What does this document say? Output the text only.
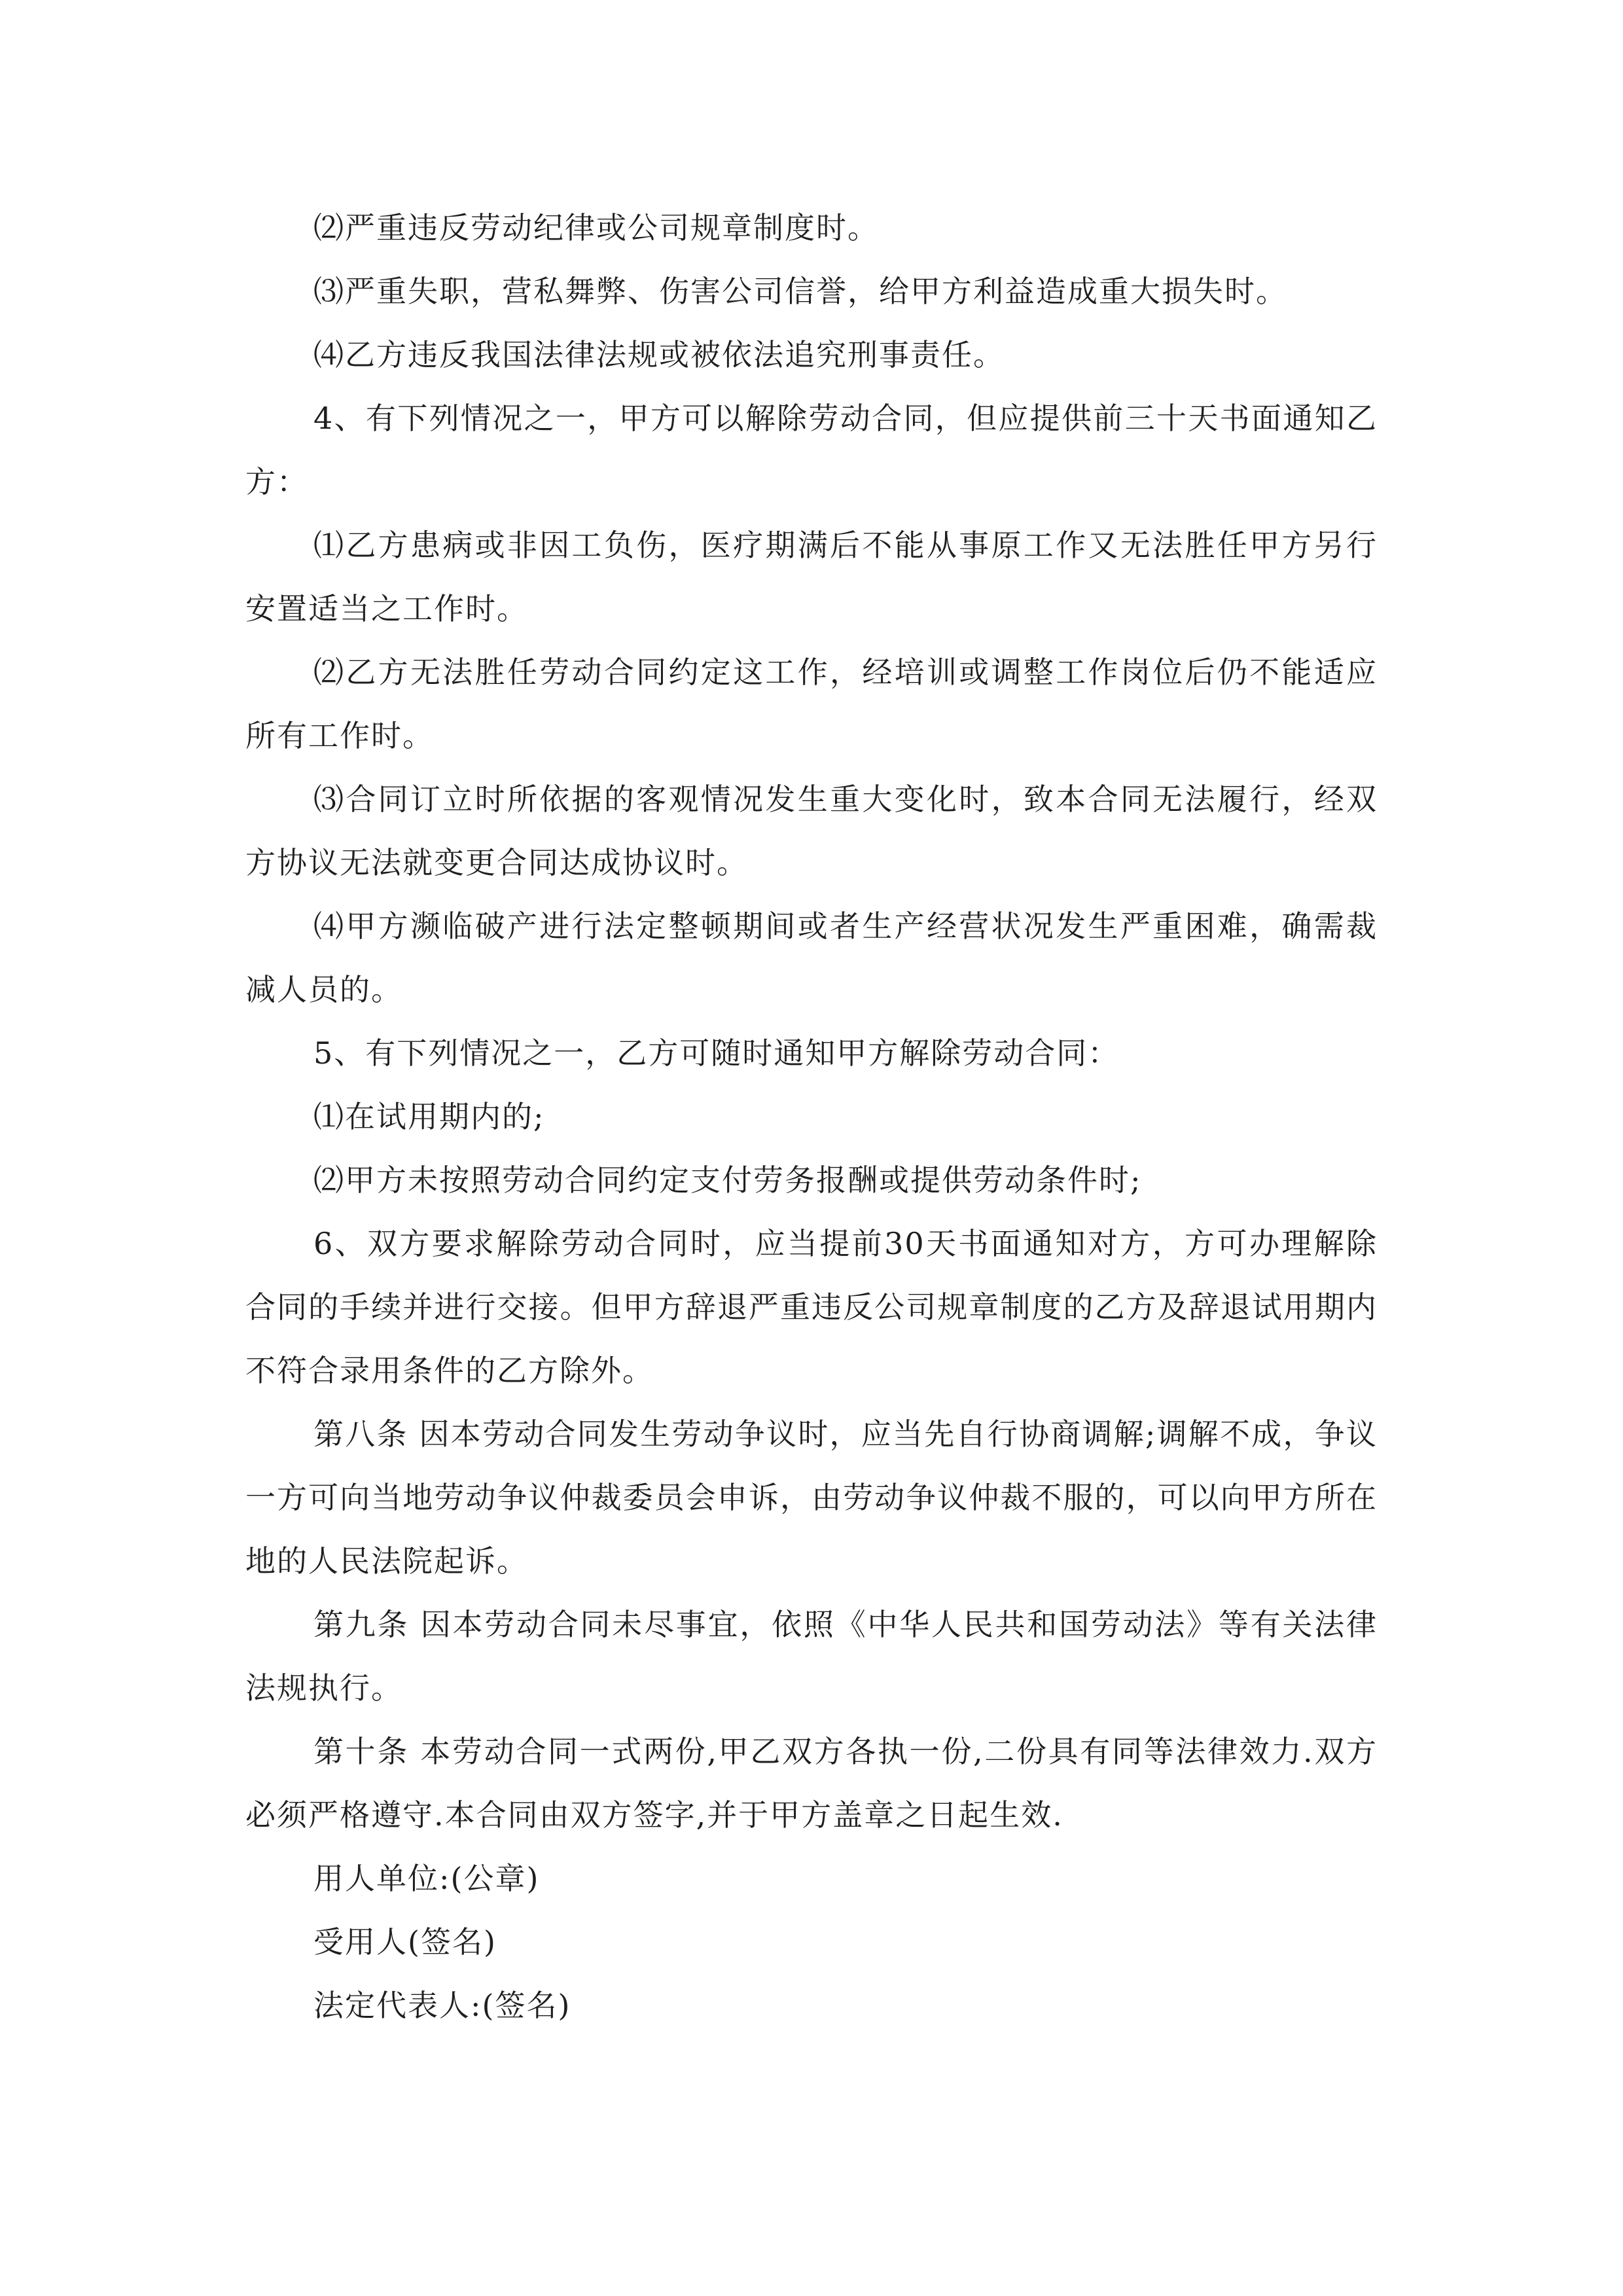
⑵严重违反劳动纪律或公司规章制度时。

⑶严重失职，营私舞弊、伤害公司信誉，给甲方利益造成重大损失时。

⑷乙方违反我国法律法规或被依法追究刑事责任。

4、有下列情况之一，甲方可以解除劳动合同，但应提供前三十天书面通知乙方：

⑴乙方患病或非因工负伤，医疗期满后不能从事原工作又无法胜任甲方另行安置适当之工作时。

⑵乙方无法胜任劳动合同约定这工作，经培训或调整工作岗位后仍不能适应所有工作时。

⑶合同订立时所依据的客观情况发生重大变化时，致本合同无法履行，经双方协议无法就变更合同达成协议时。

⑷甲方濒临破产进行法定整顿期间或者生产经营状况发生严重困难，确需裁减人员的。

5、有下列情况之一，乙方可随时通知甲方解除劳动合同：

⑴在试用期内的;

⑵甲方未按照劳动合同约定支付劳务报酬或提供劳动条件时;

6、双方要求解除劳动合同时，应当提前30天书面通知对方，方可办理解除合同的手续并进行交接。但甲方辞退严重违反公司规章制度的乙方及辞退试用期内不符合录用条件的乙方除外。

第八条 因本劳动合同发生劳动争议时，应当先自行协商调解;调解不成，争议一方可向当地劳动争议仲裁委员会申诉，由劳动争议仲裁不服的，可以向甲方所在地的人民法院起诉。

第九条 因本劳动合同未尽事宜，依照《中华人民共和国劳动法》等有关法律法规执行。

第十条 本劳动合同一式两份,甲乙双方各执一份,二份具有同等法律效力.双方必须严格遵守.本合同由双方签字,并于甲方盖章之日起生效.

用人单位:(公章)

受用人(签名)

法定代表人:(签名)
